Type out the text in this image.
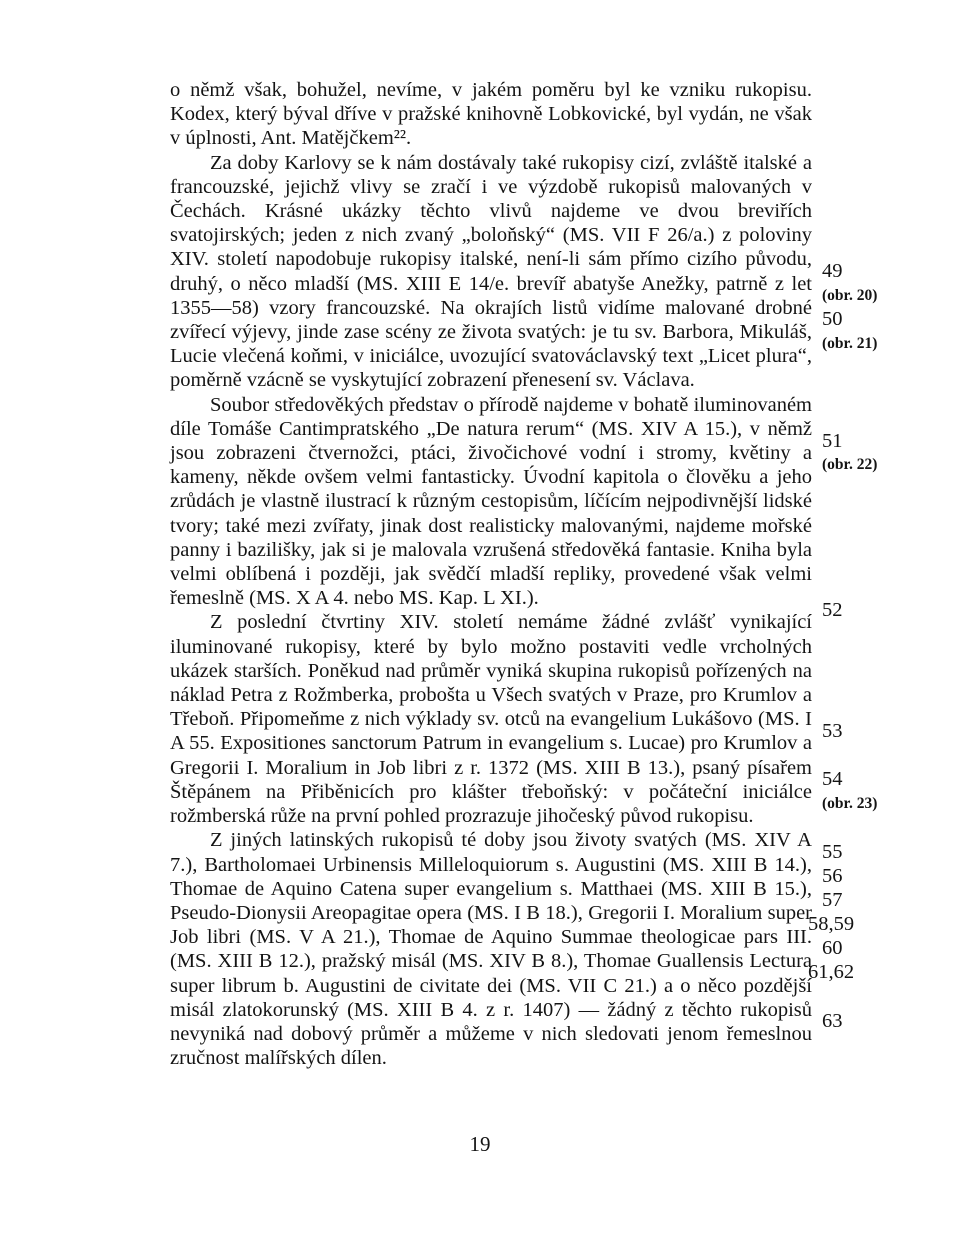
o němž však, bohužel, nevíme, v jakém poměru byl ke vzniku rukopisu. Kodex, který býval dříve v pražské knihovně Lobkovické, byl vydán, ne však v úplnosti, Ant. Matějčkem²².

Za doby Karlovy se k nám dostávaly také rukopisy cizí, zvláště italské a francouzské, jejichž vlivy se zračí i ve výzdobě rukopisů malovaných v Čechách. Krásné ukázky těchto vlivů najdeme ve dvou breviřích svatojirských; jeden z nich zvaný „boloňský“ (MS. VII F 26/a.) z poloviny XIV. století napodobuje rukopisy italské, není-li sám přímo cizího původu, druhý, o něco mladší (MS. XIII E 14/e. brevíř abatyše Anežky, patrně z let 1355—58) vzory francouzské. Na okrajích listů vidíme malované drobné zvířecí výjevy, jinde zase scény ze života svatých: je tu sv. Barbora, Mikuláš, Lucie vlečená koňmi, v iniciálce, uvozující svatováclavský text „Licet plura“, poměrně vzácně se vyskytující zobrazení přenesení sv. Václava.

Soubor středověkých představ o přírodě najdeme v bohatě iluminovaném díle Tomáše Cantimpratského „De natura rerum“ (MS. XIV A 15.), v němž jsou zobrazeni čtvernožci, ptáci, živočichové vodní i stromy, květiny a kameny, někde ovšem velmi fantasticky. Úvodní kapitola o člověku a jeho zrůdách je vlastně ilustrací k různým cestopisům, líčícím nejpodivnější lidské tvory; také mezi zvířaty, jinak dost realisticky malovanými, najdeme mořské panny i bazilišky, jak si je malovala vzrušená středověká fantasie. Kniha byla velmi oblíbená i později, jak svědčí mladší repliky, provedené však velmi řemeslně (MS. X A 4. nebo MS. Kap. L XI.).

Z poslední čtvrtiny XIV. století nemáme žádné zvlášť vynikající iluminované rukopisy, které by bylo možno postaviti vedle vrcholných ukázek starších. Poněkud nad průměr vyniká skupina rukopisů pořízených na náklad Petra z Rožmberka, probošta u Všech svatých v Praze, pro Krumlov a Třeboň. Připomeňme z nich výklady sv. otců na evangelium Lukášovo (MS. I A 55. Expositiones sanctorum Patrum in evangelium s. Lucae) pro Krumlov a Gregorii I. Moralium in Job libri z r. 1372 (MS. XIII B 13.), psaný písařem Štěpánem na Přiběnicích pro klášter třeboňský: v počáteční iniciálce rožmberská růže na první pohled prozrazuje jihočeský původ rukopisu.

Z jiných latinských rukopisů té doby jsou životy svatých (MS. XIV A 7.), Bartholomaei Urbinensis Milleloquiorum s. Augustini (MS. XIII B 14.), Thomae de Aquino Catena super evangelium s. Matthaei (MS. XIII B 15.), Pseudo-Dionysii Areopagitae opera (MS. I B 18.), Gregorii I. Moralium super Job libri (MS. V A 21.), Thomae de Aquino Summae theologicae pars III. (MS. XIII B 12.), pražský misál (MS. XIV B 8.), Thomae Guallensis Lectura super librum b. Augustini de civitate dei (MS. VII C 21.) a o něco pozdější misál zlatokorunský (MS. XIII B 4. z r. 1407) — žádný z těchto rukopisů nevyniká nad dobový průměr a můžeme v nich sledovati jenom řemeslnou zručnost malířských dílen.

49
(obr. 20)
50
(obr. 21)
51
(obr. 22)
52
53
54
(obr. 23)
55
56
57
58,59
60
61,62
63
19
